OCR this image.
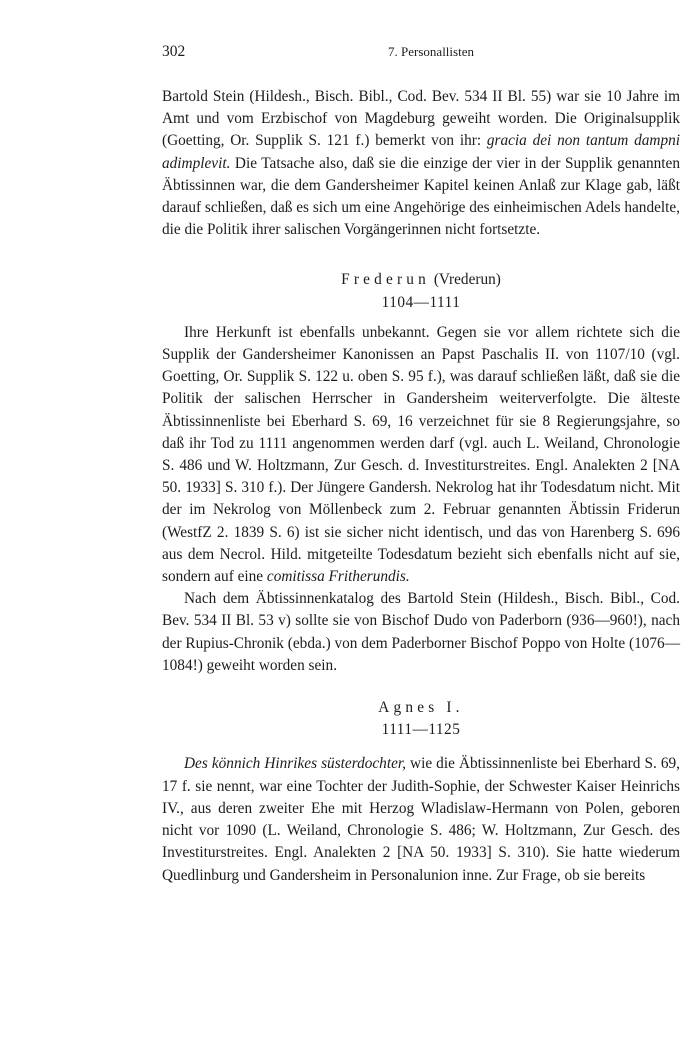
302	7. Personallisten

Bartold Stein (Hildesh., Bisch. Bibl., Cod. Bev. 534 II Bl. 55) war sie 10 Jahre im Amt und vom Erzbischof von Magdeburg geweiht worden. Die Originalsupplik (Goetting, Or. Supplik S. 121 f.) bemerkt von ihr: gracia dei non tantum dampni adimplevit. Die Tatsache also, daß sie die einzige der vier in der Supplik genannten Äbtissinnen war, die dem Gandersheimer Kapitel keinen Anlaß zur Klage gab, läßt darauf schließen, daß es sich um eine Angehörige des einheimischen Adels handelte, die die Politik ihrer salischen Vorgängerinnen nicht fortsetzte.

Frederun (Vrederun)
1104—1111

Ihre Herkunft ist ebenfalls unbekannt. Gegen sie vor allem richtete sich die Supplik der Gandersheimer Kanonissen an Papst Paschalis II. von 1107/10 (vgl. Goetting, Or. Supplik S. 122 u. oben S. 95 f.), was darauf schließen läßt, daß sie die Politik der salischen Herrscher in Gandersheim weiterverfolgte. Die älteste Äbtissinnenliste bei Eberhard S. 69, 16 verzeichnet für sie 8 Regierungsjahre, so daß ihr Tod zu 1111 angenommen werden darf (vgl. auch L. Weiland, Chronologie S. 486 und W. Holtzmann, Zur Gesch. d. Investiturstreites. Engl. Analekten 2 [NA 50. 1933] S. 310 f.). Der Jüngere Gandersh. Nekrolog hat ihr Todesdatum nicht. Mit der im Nekrolog von Möllenbeck zum 2. Februar genannten Äbtissin Friderun (WestfZ 2. 1839 S. 6) ist sie sicher nicht identisch, und das von Harenberg S. 696 aus dem Necrol. Hild. mitgeteilte Todesdatum bezieht sich ebenfalls nicht auf sie, sondern auf eine comitissa Fritherundis.

Nach dem Äbtissinnenkatalog des Bartold Stein (Hildesh., Bisch. Bibl., Cod. Bev. 534 II Bl. 53 v) sollte sie von Bischof Dudo von Paderborn (936—960!), nach der Rupius-Chronik (ebda.) von dem Paderborner Bischof Poppo von Holte (1076—1084!) geweiht worden sein.

Agnes I.
1111—1125

Des könnich Hinrikes süsterdochter, wie die Äbtissinnenliste bei Eberhard S. 69, 17 f. sie nennt, war eine Tochter der Judith-Sophie, der Schwester Kaiser Heinrichs IV., aus deren zweiter Ehe mit Herzog Wladislaw-Hermann von Polen, geboren nicht vor 1090 (L. Weiland, Chronologie S. 486; W. Holtzmann, Zur Gesch. des Investiturstreites. Engl. Analekten 2 [NA 50. 1933] S. 310). Sie hatte wiederum Quedlinburg und Gandersheim in Personalunion inne. Zur Frage, ob sie bereits
